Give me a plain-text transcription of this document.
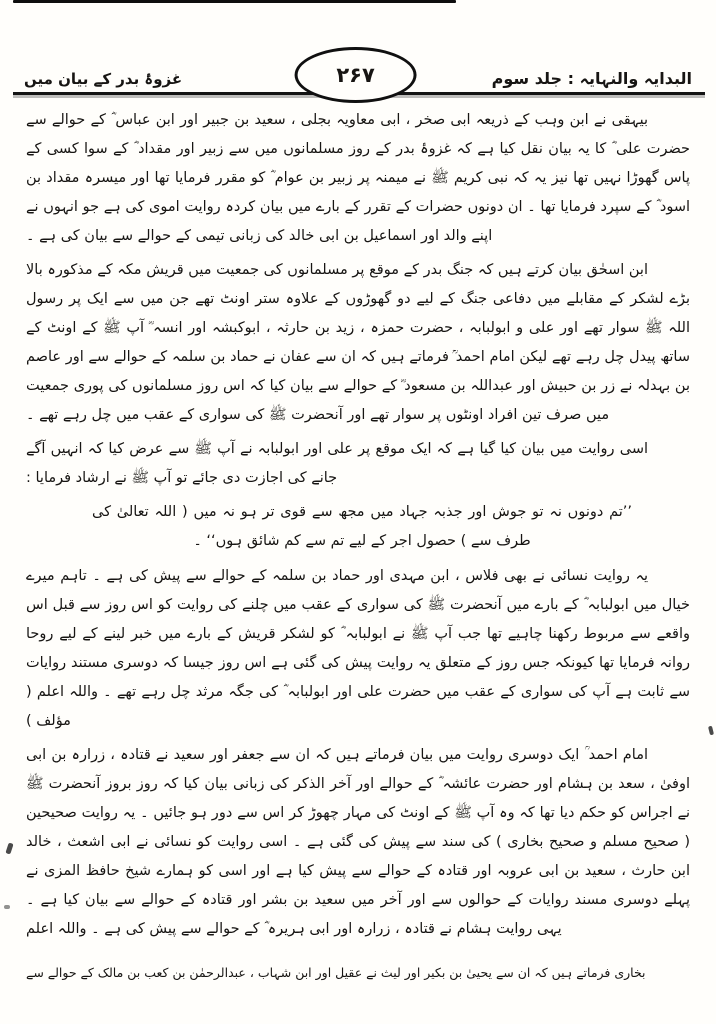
البدایہ والنہایہ : جلد سوم
غزوۂ بدر کے بیان میں	۲۶۷

بیہقی نے ابن وہب کے ذریعہ ابی صخر ، ابی معاویہ بجلی ، سعید بن جبیر اور ابن عباس ؓ کے حوالے سے حضرت علی ؓ کا یہ بیان نقل کیا ہے کہ غزوۂ بدر کے روز مسلمانوں میں سے زبیر اور مقداد ؓ کے سوا کسی کے پاس گھوڑا نہیں تھا نیز یہ کہ نبی کریم ﷺ نے میمنہ پر زبیر بن عوام ؓ کو مقرر فرمایا تھا اور میسرہ مقداد بن اسود ؓ کے سپرد فرمایا تھا ۔ ان دونوں حضرات کے تقرر کے بارے میں بیان کردہ روایت اموی کی ہے جو انہوں نے اپنے والد اور اسماعیل بن ابی خالد کی زبانی تیمی کے حوالے سے بیان کی ہے ۔

ابن اسحٰق بیان کرتے ہیں کہ جنگ بدر کے موقع پر مسلمانوں کی جمعیت میں قریش مکہ کے مذکورہ بالا بڑے لشکر کے مقابلے میں دفاعی جنگ کے لیے دو گھوڑوں کے علاوہ ستر اونٹ تھے جن میں سے ایک پر رسول اللہ ﷺ سوار تھے اور علی و ابولبابہ ، حضرت حمزہ ، زید بن حارثہ ، ابوکبشہ اور انسہ ؓ آپ ﷺ کے اونٹ کے ساتھ پیدل چل رہے تھے لیکن امام احمد ؒ فرماتے ہیں کہ ان سے عفان نے حماد بن سلمہ کے حوالے سے اور عاصم بن بہدلہ نے زر بن حبیش اور عبداللہ بن مسعود ؓ کے حوالے سے بیان کیا کہ اس روز مسلمانوں کی پوری جمعیت میں صرف تین افراد اونٹوں پر سوار تھے اور آنحضرت ﷺ کی سواری کے عقب میں چل رہے تھے ۔

اسی روایت میں بیان کیا گیا ہے کہ ایک موقع پر علی اور ابولبابہ نے آپ ﷺ سے عرض کیا کہ انہیں آگے جانے کی اجازت دی جائے تو آپ ﷺ نے ارشاد فرمایا :

’’تم دونوں نہ تو جوش اور جذبہ جہاد میں مجھ سے قوی تر ہو نہ میں ( اللہ تعالیٰ کی طرف سے ) حصول اجر کے لیے تم سے کم شائق ہوں‘‘ ۔

یہ روایت نسائی نے بھی فلاس ، ابن مہدی اور حماد بن سلمہ کے حوالے سے پیش کی ہے ۔ تاہم میرے خیال میں ابولبابہ ؓ کے بارے میں آنحضرت ﷺ کی سواری کے عقب میں چلنے کی روایت کو اس روز سے قبل اس واقعے سے مربوط رکھنا چاہیے تھا جب آپ ﷺ نے ابولبابہ ؓ کو لشکر قریش کے بارے میں خبر لینے کے لیے روحا روانہ فرمایا تھا کیونکہ جس روز کے متعلق یہ روایت پیش کی گئی ہے اس روز جیسا کہ دوسری مستند روایات سے ثابت ہے آپ کی سواری کے عقب میں حضرت علی اور ابولبابہ ؓ کی جگہ مرثد چل رہے تھے ۔ واللہ اعلم ( مؤلف )

امام احمد ؒ ایک دوسری روایت میں بیان فرماتے ہیں کہ ان سے جعفر اور سعید نے قتادہ ، زرارہ بن ابی اوفیٰ ، سعد بن ہشام اور حضرت عائشہ ؓ کے حوالے اور آخر الذکر کی زبانی بیان کیا کہ روز بروز آنحضرت ﷺ نے اجراس کو حکم دیا تھا کہ وہ آپ ﷺ کے اونٹ کی مہار چھوڑ کر اس سے دور ہو جائیں ۔ یہ روایت صحیحین ( صحیح مسلم و صحیح بخاری ) کی سند سے پیش کی گئی ہے ۔ اسی روایت کو نسائی نے ابی اشعث ، خالد ابن حارث ، سعید بن ابی عروبہ اور قتادہ کے حوالے سے پیش کیا ہے اور اسی کو ہمارے شیخ حافظ المزی نے پہلے دوسری مسند روایات کے حوالوں سے اور آخر میں سعید بن بشر اور قتادہ کے حوالے سے بیان کیا ہے ۔ یہی روایت ہشام نے قتادہ ، زرارہ اور ابی ہریرہ ؓ کے حوالے سے پیش کی ہے ۔ واللہ اعلم

بخاری فرماتے ہیں کہ ان سے یحییٰ بن بکیر اور لیث نے عقیل اور ابن شہاب ، عبدالرحمٰن بن کعب بن مالک کے حوالے سے
